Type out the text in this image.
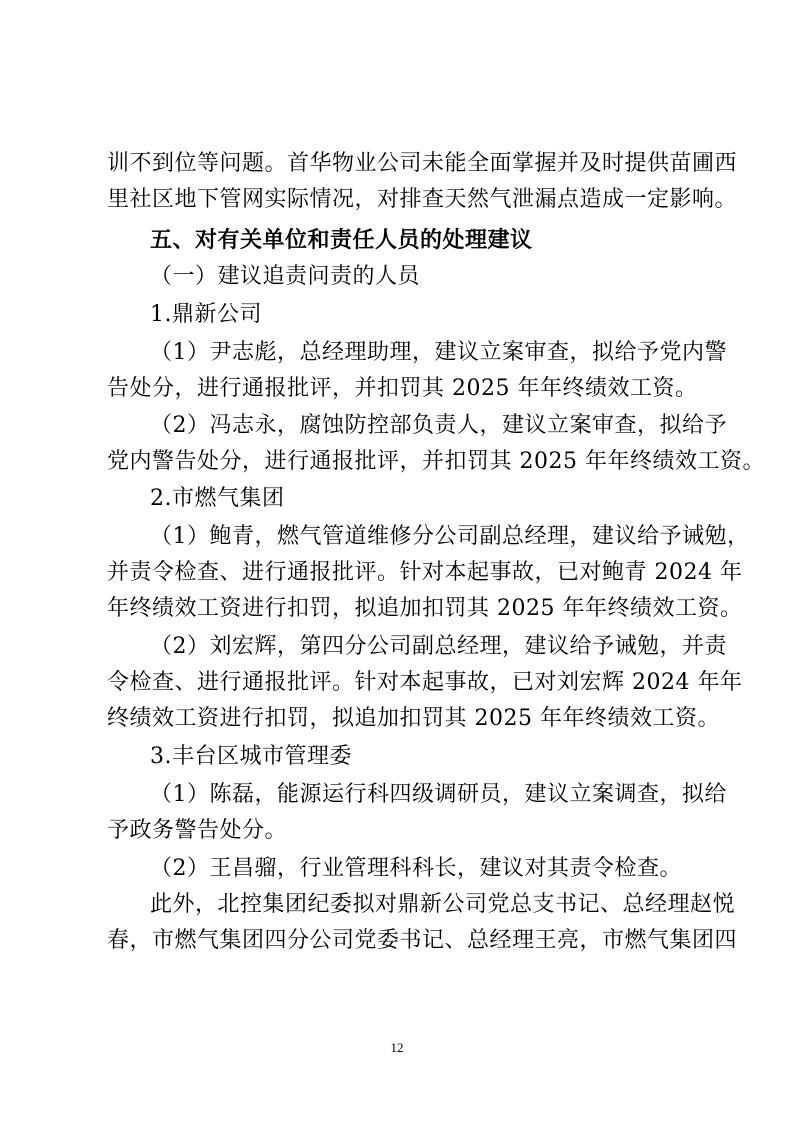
训不到位等问题。首华物业公司未能全面掌握并及时提供苗圃西
里社区地下管网实际情况，对排查天然气泄漏点造成一定影响。
五、对有关单位和责任人员的处理建议
（一）建议追责问责的人员
1.鼎新公司
（1）尹志彪，总经理助理，建议立案审查，拟给予党内警
告处分，进行通报批评，并扣罚其 2025 年年终绩效工资。
（2）冯志永，腐蚀防控部负责人，建议立案审查，拟给予
党内警告处分，进行通报批评，并扣罚其 2025 年年终绩效工资。
2.市燃气集团
（1）鲍青，燃气管道维修分公司副总经理，建议给予诫勉，
并责令检查、进行通报批评。针对本起事故，已对鲍青 2024 年
年终绩效工资进行扣罚，拟追加扣罚其 2025 年年终绩效工资。
（2）刘宏辉，第四分公司副总经理，建议给予诫勉，并责
令检查、进行通报批评。针对本起事故，已对刘宏辉 2024 年年
终绩效工资进行扣罚，拟追加扣罚其 2025 年年终绩效工资。
3.丰台区城市管理委
（1）陈磊，能源运行科四级调研员，建议立案调查，拟给
予政务警告处分。
（2）王昌骝，行业管理科科长，建议对其责令检查。
此外，北控集团纪委拟对鼎新公司党总支书记、总经理赵悦
春，市燃气集团四分公司党委书记、总经理王亮，市燃气集团四
12
